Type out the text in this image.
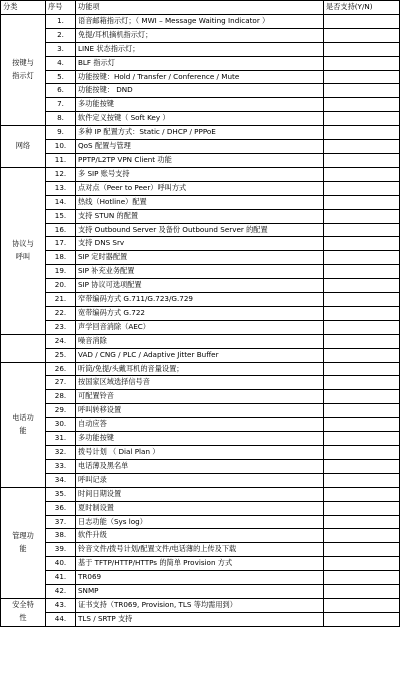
分类	序号	功能项	是否支持(Y/N)
按键与
指示灯	1.	语音邮箱指示灯；（ MWI – Message Waiting Indicator ）	
	2.	免提/耳机摘机指示灯；	
	3.	LINE 状态指示灯；	
	4.	BLF 指示灯	
	5.	功能按键：Hold / Transfer / Conference / Mute	
	6.	功能按键： DND	
	7.	多功能按键	
	8.	软件定义按键（ Soft Key ）	
网络	9.	多种 IP 配置方式：Static / DHCP / PPPoE	
	10.	QoS 配置与管理	
	11.	PPTP/L2TP VPN Client 功能	
协议与
呼叫	12.	多 SIP 账号支持	
	13.	点对点（Peer to Peer）呼叫方式	
	14.	热线（Hotline）配置	
	15.	支持 STUN 的配置	
	16.	支持 Outbound Server 及备份 Outbound Server 的配置	
	17.	支持 DNS Srv	
	18.	SIP 定时器配置	
	19.	SIP 补充业务配置	
	20.	SIP 协议可选项配置	
	21.	窄带编码方式 G.711/G.723/G.729	
	22.	宽带编码方式 G.722	
	23.	声学回音消除（AEC）	
	24.	噪音消除	
	25.	VAD / CNG / PLC / Adaptive Jitter Buffer	
电话功
能	26.	听筒/免提/头戴耳机的音量设置；	
	27.	按国家区域选择信号音	
	28.	可配置铃音	
	29.	呼叫转移设置	
	30.	自动应答	
	31.	多功能按键	
	32.	拨号计划 （ Dial Plan ）	
	33.	电话薄及黑名单	
	34.	呼叫记录	
管理功
能	35.	时间日期设置	
	36.	夏时制设置	
	37.	日志功能（Sys log）	
	38.	软件升级	
	39.	铃音文件/拨号计划/配置文件/电话薄的上传及下载	
	40.	基于 TFTP/HTTP/HTTPs 的简单 Provision 方式	
	41.	TR069	
	42.	SNMP	
安全特
性	43.	证书支持（TR069, Provision, TLS 等均需用到）	
	44.	TLS / SRTP 支持	
